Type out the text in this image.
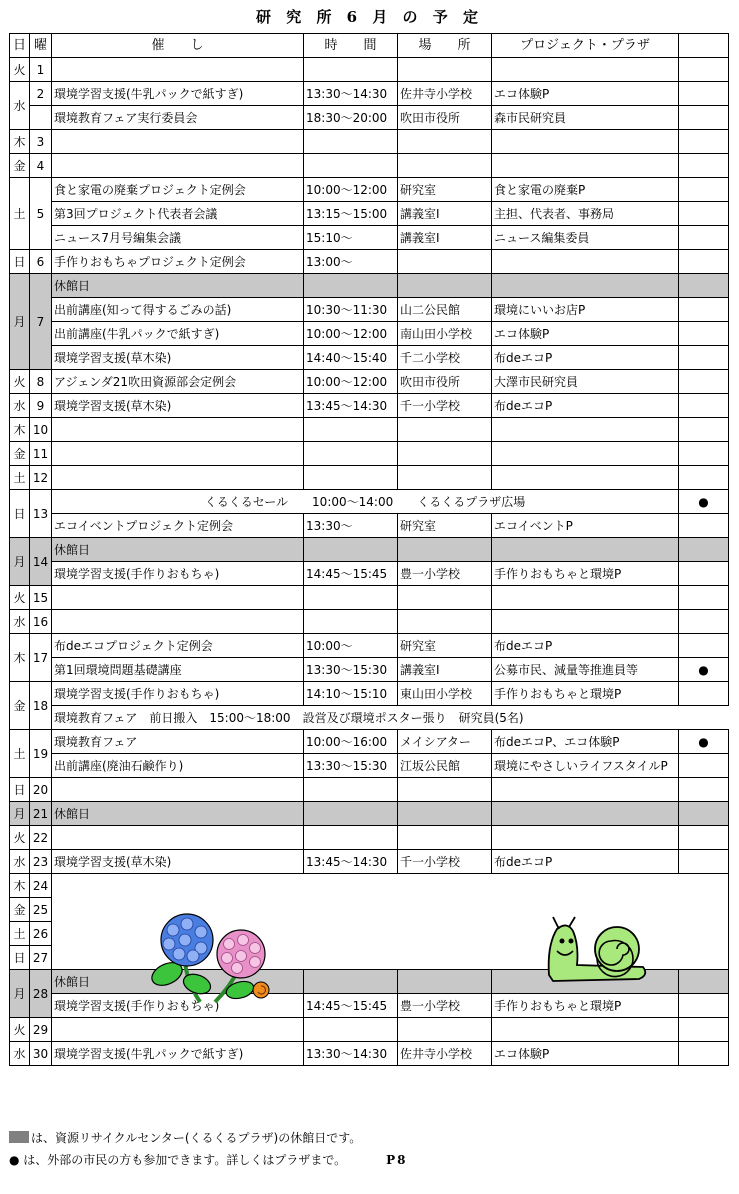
研 究 所 6 月 の 予 定
日	曜	催　　し	時　　間	場　　所	プロジェクト・プラザ	
火	1					
水	2	環境学習支援(牛乳パックで紙すぎ)	13:30～14:30	佐井寺小学校	エコ体験P	
		環境教育フェア実行委員会	18:30～20:00	吹田市役所	森市民研究員	
木	3					
金	4					
土	5	食と家電の廃棄プロジェクト定例会	10:00～12:00	研究室	食と家電の廃棄P	
		第3回プロジェクト代表者会議	13:15～15:00	講義室Ⅰ	主担、代表者、事務局	
		ニュース7月号編集会議	15:10～	講義室Ⅰ	ニュース編集委員	
日	6	手作りおもちゃプロジェクト定例会	13:00～			
月	7	休館日				
		出前講座(知って得するごみの話)	10:30～11:30	山二公民館	環境にいいお店P	
		出前講座(牛乳パックで紙すぎ)	10:00～12:00	南山田小学校	エコ体験P	
		環境学習支援(草木染)	14:40～15:40	千二小学校	布deエコP	
火	8	アジェンダ21吹田資源部会定例会	10:00～12:00	吹田市役所	大澤市民研究員	
水	9	環境学習支援(草木染)	13:45～14:30	千一小学校	布deエコP	
木	10					
金	11					
土	12					
日	13	くるくるセール　　10:00～14:00　　くるくるプラザ広場				●
		エコイベントプロジェクト定例会	13:30～	研究室	エコイベントP	
月	14	休館日				
		環境学習支援(手作りおもちゃ)	14:45～15:45	豊一小学校	手作りおもちゃと環境P	
火	15					
水	16					
木	17	布deエコプロジェクト定例会	10:00～	研究室	布deエコP	
		第1回環境問題基礎講座	13:30～15:30	講義室Ⅰ	公募市民、減量等推進員等	●
金	18	環境学習支援(手作りおもちゃ)	14:10～15:10	東山田小学校	手作りおもちゃと環境P	
		環境教育フェア　前日搬入　15:00～18:00　設営及び環境ポスター張り　研究員(5名)				
土	19	環境教育フェア	10:00～16:00	メイシアター	布deエコP、エコ体験P	●
		出前講座(廃油石鹸作り)	13:30～15:30	江坂公民館	環境にやさしいライフスタイルP	
日	20					
月	21	休館日				
火	22					
水	23	環境学習支援(草木染)	13:45～14:30	千一小学校	布deエコP	
木	24					
金	25					
土	26					
日	27					
月	28	休館日				
		環境学習支援(手作りおもちゃ)	14:45～15:45	豊一小学校	手作りおもちゃと環境P	
火	29					
水	30	環境学習支援(牛乳パックで紙すぎ)	13:30～14:30	佐井寺小学校	エコ体験P	
は、資源リサイクルセンター(くるくるプラザ)の休館日です。
● は、外部の市民の方も参加できます。詳しくはプラザまで。	P8
